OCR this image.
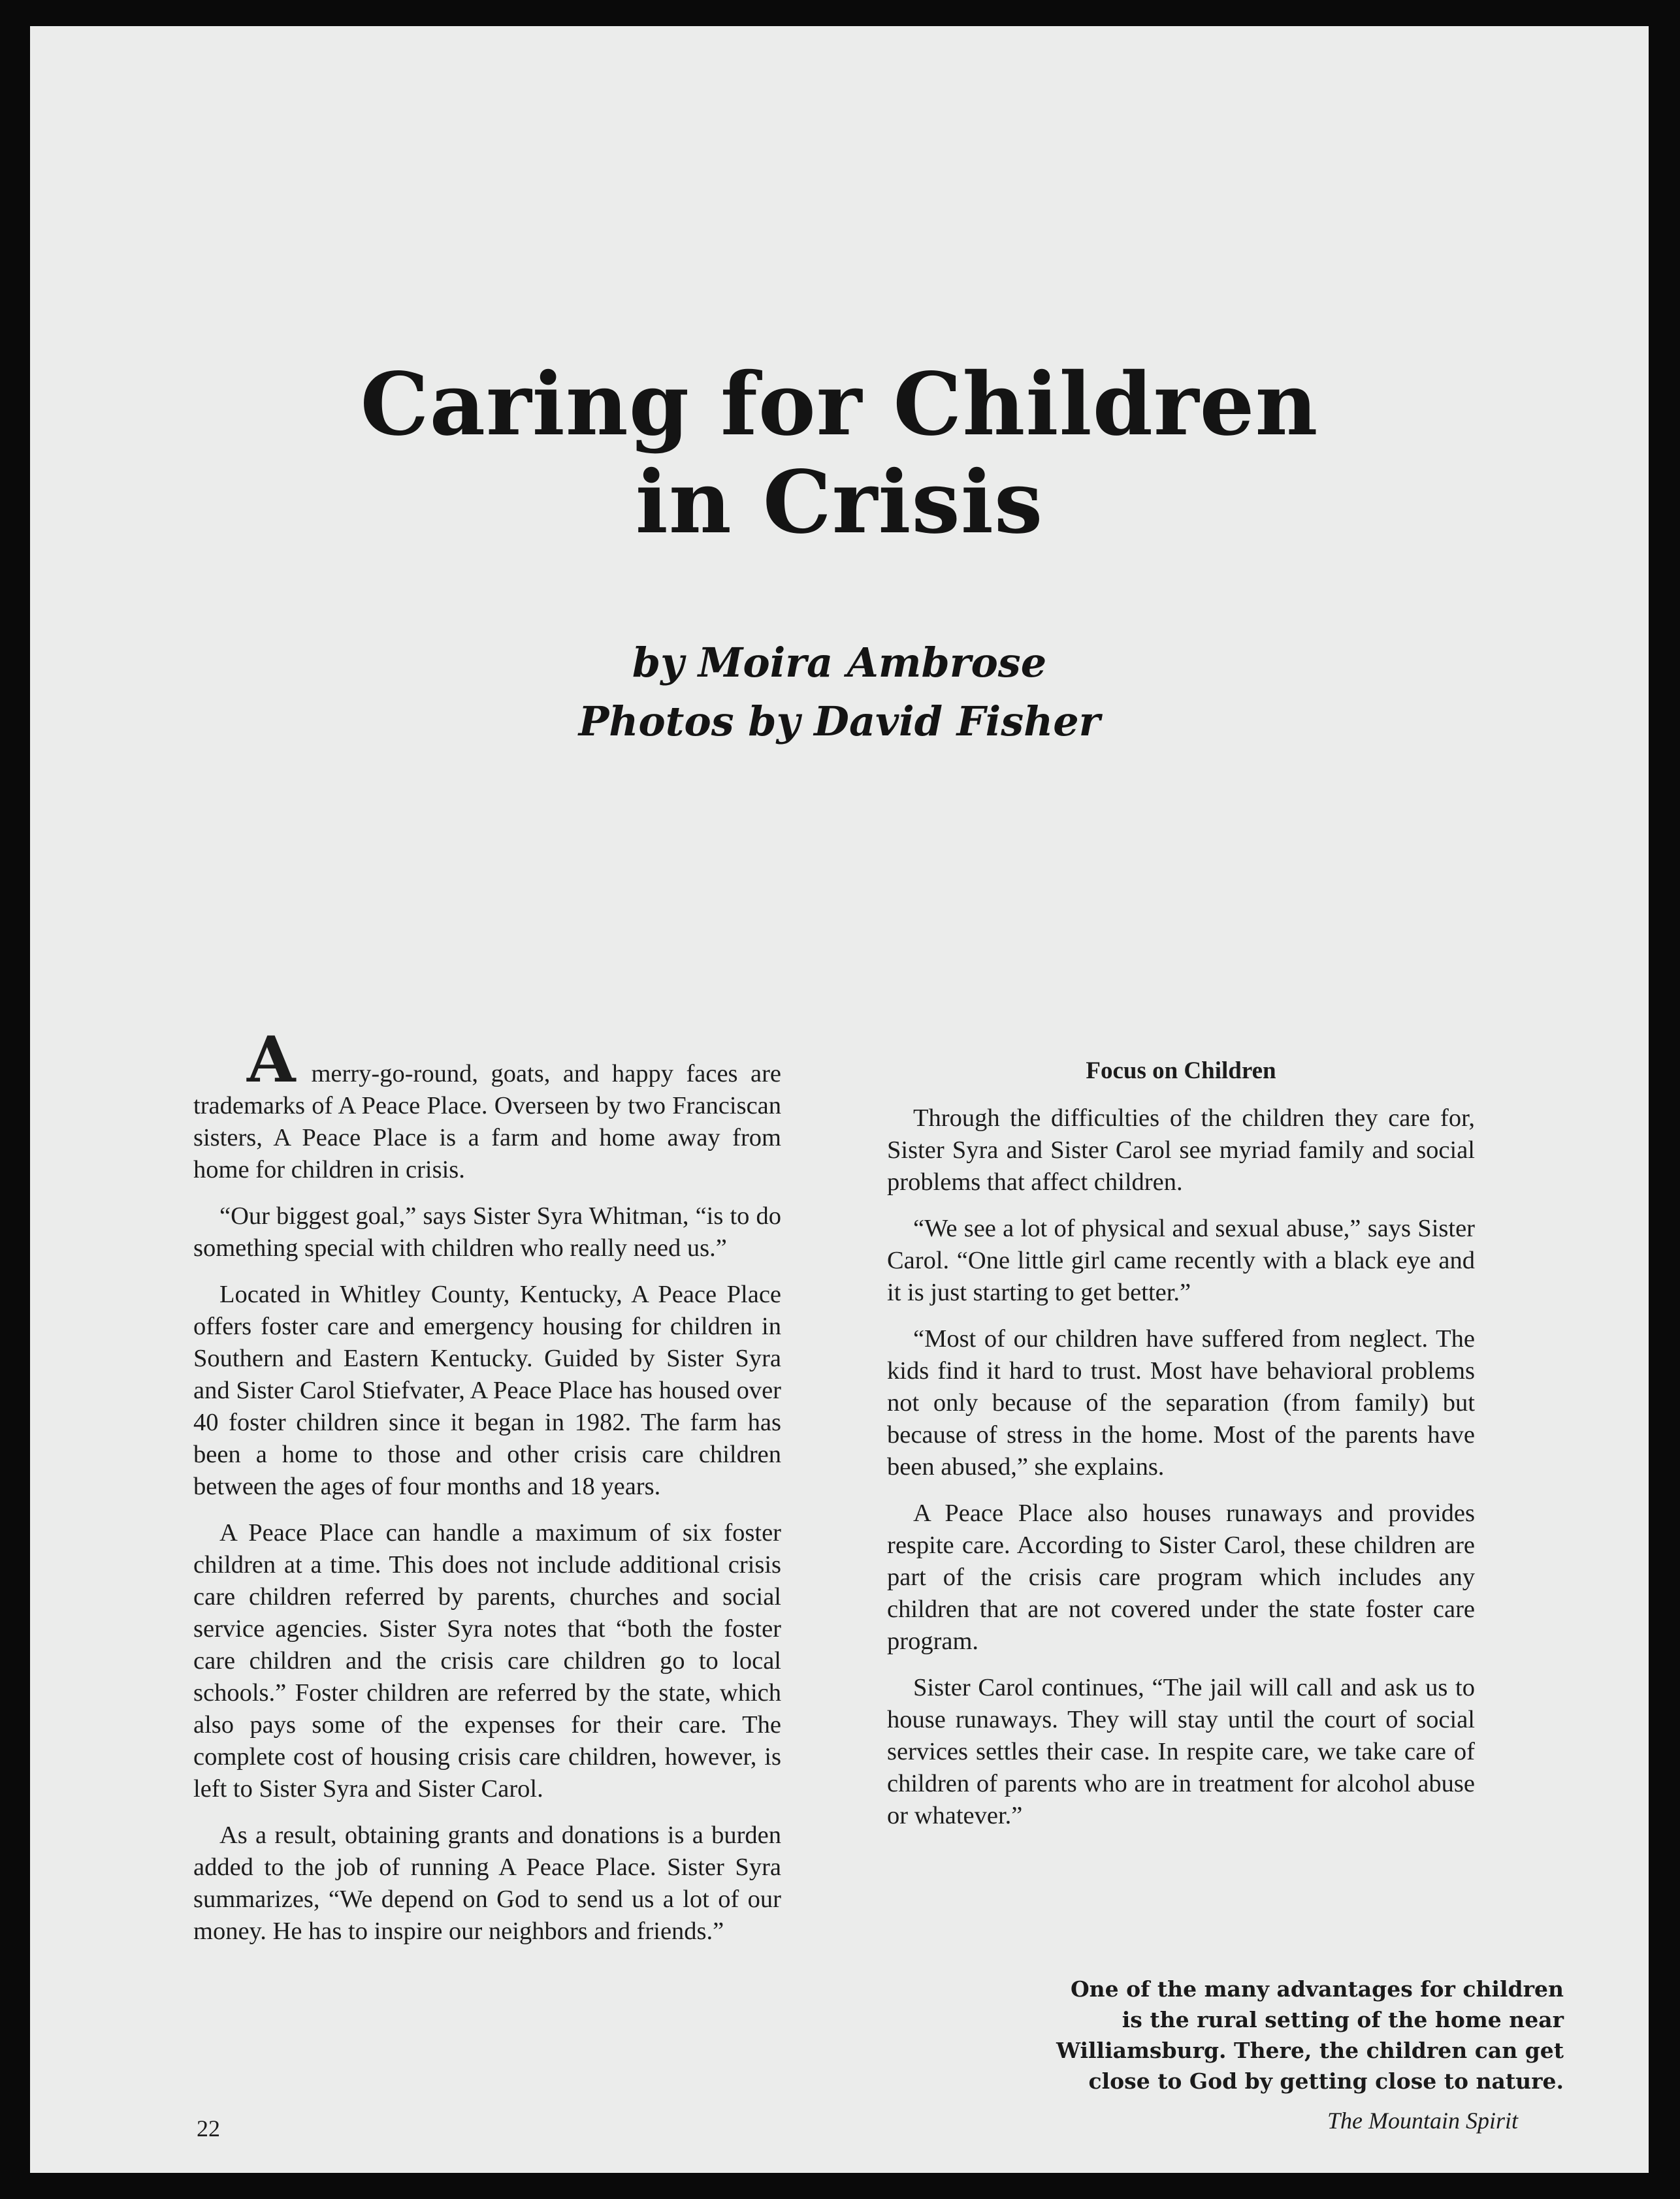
Caring for Children
in Crisis
by Moira Ambrose
Photos by David Fisher

Amerry-go-round, goats, and happy faces are trademarks of A Peace Place. Overseen by two Franciscan sisters, A Peace Place is a farm and home away from home for children in crisis.

“Our biggest goal,” says Sister Syra Whitman, “is to do something special with children who really need us.”

Located in Whitley County, Kentucky, A Peace Place offers foster care and emergency housing for children in Southern and Eastern Kentucky. Guided by Sister Syra and Sister Carol Stiefvater, A Peace Place has housed over 40 foster children since it began in 1982. The farm has been a home to those and other crisis care children between the ages of four months and 18 years.

A Peace Place can handle a maximum of six foster children at a time. This does not include additional crisis care children referred by parents, churches and social service agencies. Sister Syra notes that “both the foster care children and the crisis care children go to local schools.” Foster children are referred by the state, which also pays some of the expenses for their care. The complete cost of housing crisis care children, however, is left to Sister Syra and Sister Carol.

As a result, obtaining grants and donations is a burden added to the job of running A Peace Place. Sister Syra summarizes, “We depend on God to send us a lot of our money. He has to inspire our neighbors and friends.”

Focus on Children

Through the difficulties of the children they care for, Sister Syra and Sister Carol see myriad family and social problems that affect children.

“We see a lot of physical and sexual abuse,” says Sister Carol. “One little girl came recently with a black eye and it is just starting to get better.”

“Most of our children have suffered from neglect. The kids find it hard to trust. Most have behavioral problems not only because of the separation (from family) but because of stress in the home. Most of the parents have been abused,” she explains.

A Peace Place also houses runaways and provides respite care. According to Sister Carol, these children are part of the crisis care program which includes any children that are not covered under the state foster care program.

Sister Carol continues, “The jail will call and ask us to house runaways. They will stay until the court of social services settles their case. In respite care, we take care of children of parents who are in treatment for alcohol abuse or whatever.”

One of the many advantages for children
is the rural setting of the home near
Williamsburg. There, the children can get
close to God by getting close to nature.
22	The Mountain Spirit
